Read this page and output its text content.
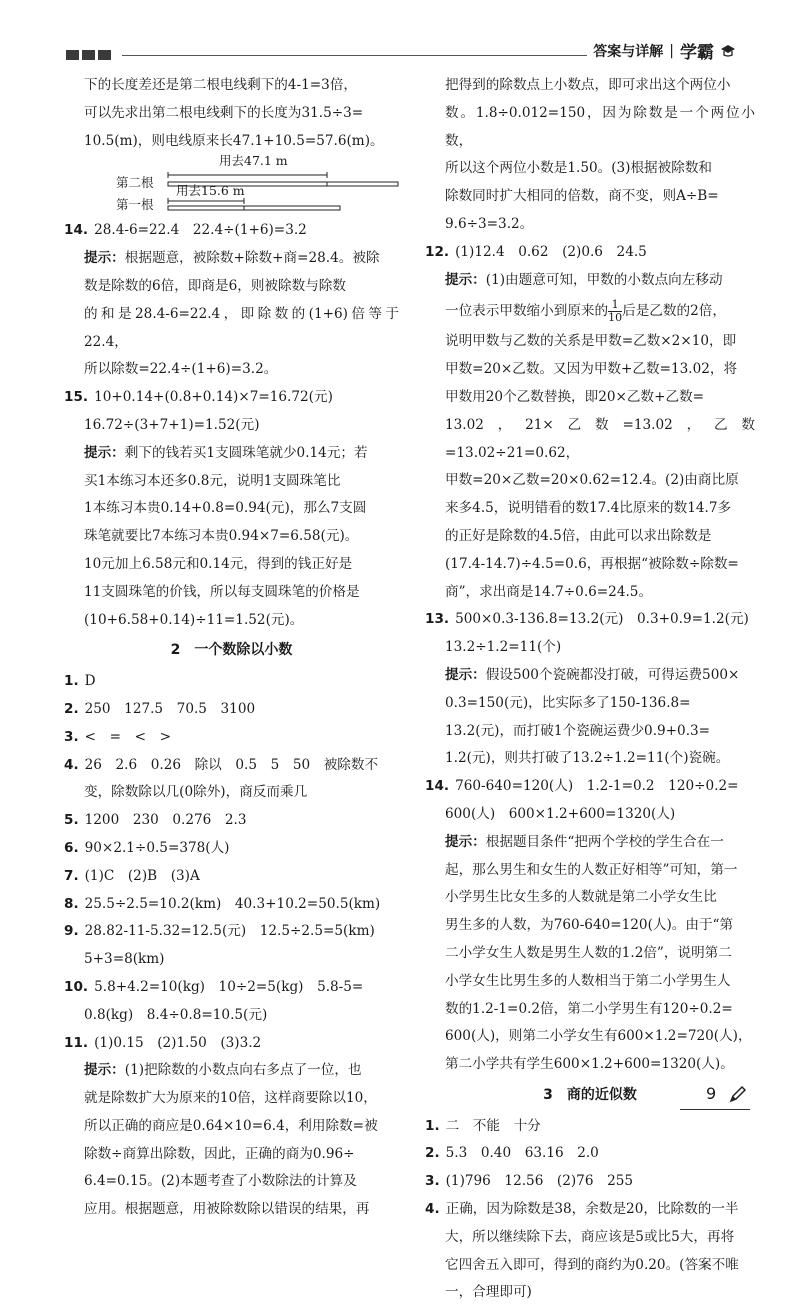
答案与详解 | 学霸

下的长度差还是第二根电线剩下的4-1=3倍，

可以先求出第二根电线剩下的长度为31.5÷3=

10.5(m)，则电线原来长47.1+10.5=57.6(m)。

用去47.1 m
第二根
用去15.6 m
第一根

14. 28.4-6=22.4　22.4÷(1+6)=3.2

提示：根据题意，被除数+除数+商=28.4。被除

数是除数的6倍，即商是6，则被除数与除数

的和是28.4-6=22.4，即除数的(1+6)倍等于22.4，

所以除数=22.4÷(1+6)=3.2。

15. 10+0.14+(0.8+0.14)×7=16.72(元)

16.72÷(3+7+1)=1.52(元)

提示：剩下的钱若买1支圆珠笔就少0.14元；若

买1本练习本还多0.8元，说明1支圆珠笔比

1本练习本贵0.14+0.8=0.94(元)，那么7支圆

珠笔就要比7本练习本贵0.94×7=6.58(元)。

10元加上6.58元和0.14元，得到的钱正好是

11支圆珠笔的价钱，所以每支圆珠笔的价格是

(10+6.58+0.14)÷11=1.52(元)。

2　一个数除以小数

1. D

2. 250　127.5　70.5　3100

3. <　=　<　>

4. 26　2.6　0.26　除以　0.5　5　50　被除数不

变，除数除以几(0除外)，商反而乘几

5. 1200　230　0.276　2.3

6. 90×2.1÷0.5=378(人)

7. (1)C　(2)B　(3)A

8. 25.5÷2.5=10.2(km)　40.3+10.2=50.5(km)

9. 28.82-11-5.32=12.5(元)　12.5÷2.5=5(km)

5+3=8(km)

10. 5.8+4.2=10(kg)　10÷2=5(kg)　5.8-5=

0.8(kg)　8.4÷0.8=10.5(元)

11. (1)0.15　(2)1.50　(3)3.2

提示：(1)把除数的小数点向右多点了一位，也

就是除数扩大为原来的10倍，这样商要除以10，

所以正确的商应是0.64×10=6.4，利用除数=被

除数÷商算出除数，因此，正确的商为0.96÷

6.4=0.15。(2)本题考查了小数除法的计算及

应用。根据题意，用被除数除以错误的结果，再

把得到的除数点上小数点，即可求出这个两位小

数。1.8÷0.012=150，因为除数是一个两位小数，

所以这个两位小数是1.50。(3)根据被除数和

除数同时扩大相同的倍数，商不变，则A÷B=

9.6÷3=3.2。

12. (1)12.4　0.62　(2)0.6　24.5

提示：(1)由题意可知，甲数的小数点向左移动

一位表示甲数缩小到原来的 $\frac{1}{10}$ 后是乙数的2倍，

说明甲数与乙数的关系是甲数=乙数×2×10，即

甲数=20×乙数。又因为甲数+乙数=13.02，将

甲数用20个乙数替换，即20×乙数+乙数=

13.02，21×乙数=13.02，乙数=13.02÷21=0.62，

甲数=20×乙数=20×0.62=12.4。(2)由商比原

来多4.5，说明错看的数17.4比原来的数14.7多

的正好是除数的4.5倍，由此可以求出除数是

(17.4-14.7)÷4.5=0.6，再根据“被除数÷除数=

商”，求出商是14.7÷0.6=24.5。

13. 500×0.3-136.8=13.2(元)　0.3+0.9=1.2(元)

13.2÷1.2=11(个)

提示：假设500个瓷碗都没打破，可得运费500×

0.3=150(元)，比实际多了150-136.8=

13.2(元)，而打破1个瓷碗运费少0.9+0.3=

1.2(元)，则共打破了13.2÷1.2=11(个)瓷碗。

14. 760-640=120(人)　1.2-1=0.2　120÷0.2=

600(人)　600×1.2+600=1320(人)

提示：根据题目条件“把两个学校的学生合在一

起，那么男生和女生的人数正好相等”可知，第一

小学男生比女生多的人数就是第二小学女生比

男生多的人数，为760-640=120(人)。由于“第

二小学女生人数是男生人数的1.2倍”，说明第二

小学女生比男生多的人数相当于第二小学男生人

数的1.2-1=0.2倍，第二小学男生有120÷0.2=

600(人)，则第二小学女生有600×1.2=720(人)，

第二小学共有学生600×1.2+600=1320(人)。

3　商的近似数

1. 二　不能　十分

2. 5.3　0.40　63.16　2.0

3. (1)796　12.56　(2)76　255

4. 正确，因为除数是38，余数是20，比除数的一半

大，所以继续除下去，商应该是5或比5大，再将

它四舍五入即可，得到的商约为0.20。(答案不唯

一，合理即可)

9
